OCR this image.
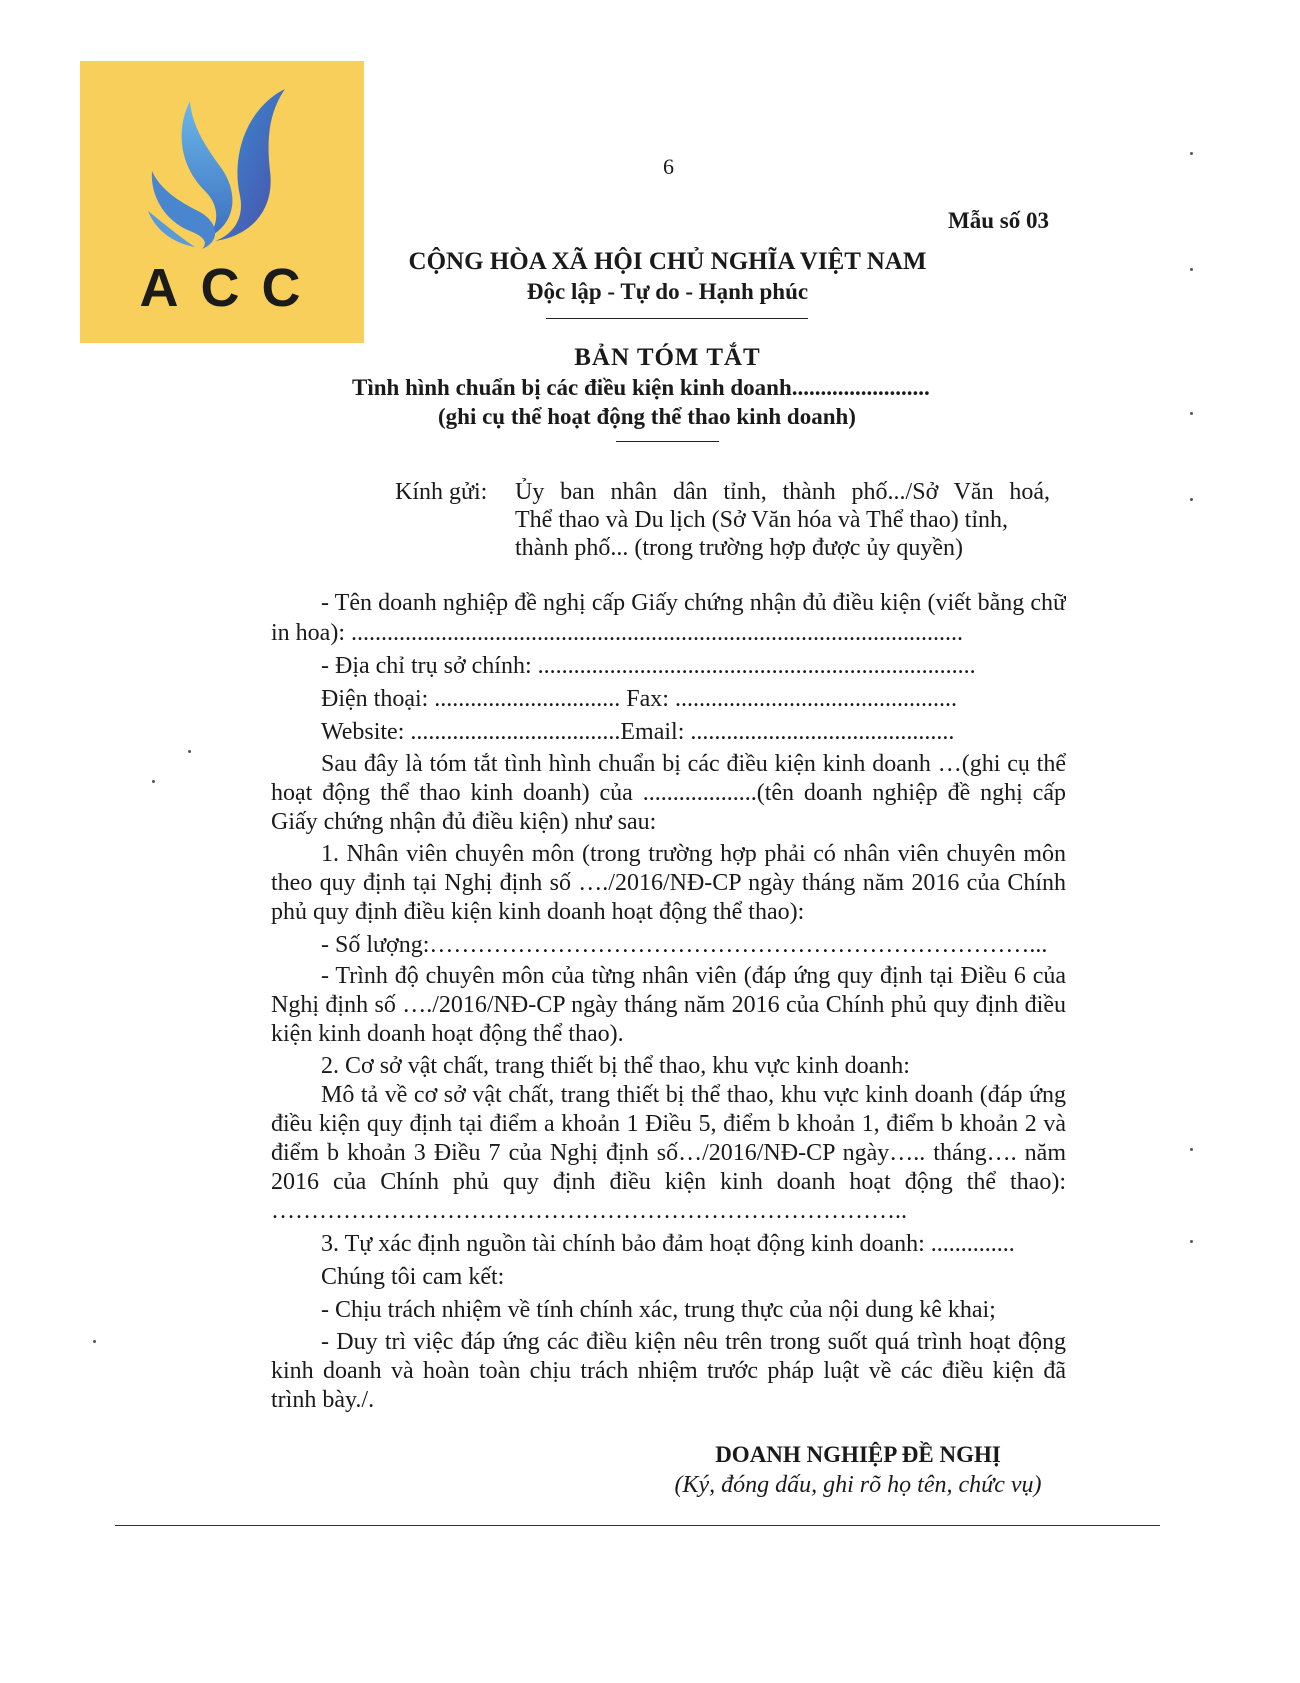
ACC
6
Mẫu số 03
CỘNG HÒA XÃ HỘI CHỦ NGHĨA VIỆT NAM
Độc lập - Tự do - Hạnh phúc
BẢN TÓM TẮT
Tình hình chuẩn bị các điều kiện kinh doanh........................
(ghi cụ thể hoạt động thể thao kinh doanh)
Kính gửi: Ủy ban nhân dân tỉnh, thành phố.../Sở Văn hoá,
Thể thao và Du lịch (Sở Văn hóa và Thể thao) tỉnh,
thành phố... (trong trường hợp được ủy quyền)
- Tên doanh nghiệp đề nghị cấp Giấy chứng nhận đủ điều kiện (viết bằng chữ in hoa): ......................................................................................................
- Địa chỉ trụ sở chính: .........................................................................
Điện thoại: ............................... Fax: ...............................................
Website: ...................................Email: ............................................
Sau đây là tóm tắt tình hình chuẩn bị các điều kiện kinh doanh …(ghi cụ thể hoạt động thể thao kinh doanh) của ...................(tên doanh nghiệp đề nghị cấp Giấy chứng nhận đủ điều kiện) như sau:
1. Nhân viên chuyên môn (trong trường hợp phải có nhân viên chuyên môn theo quy định tại Nghị định số …./2016/NĐ-CP ngày tháng năm 2016 của Chính phủ quy định điều kiện kinh doanh hoạt động thể thao):
- Số lượng:…………………………………………………………………...
- Trình độ chuyên môn của từng nhân viên (đáp ứng quy định tại Điều 6 của Nghị định số …./2016/NĐ-CP ngày tháng năm 2016 của Chính phủ quy định điều kiện kinh doanh hoạt động thể thao).
2. Cơ sở vật chất, trang thiết bị thể thao, khu vực kinh doanh:
Mô tả về cơ sở vật chất, trang thiết bị thể thao, khu vực kinh doanh (đáp ứng điều kiện quy định tại điểm a khoản 1 Điều 5, điểm b khoản 1, điểm b khoản 2 và điểm b khoản 3 Điều 7 của Nghị định số…/2016/NĐ-CP ngày….. tháng…. năm 2016 của Chính phủ quy định điều kiện kinh doanh hoạt động thể thao): ……………………………………………………………………..
3. Tự xác định nguồn tài chính bảo đảm hoạt động kinh doanh: ..............
Chúng tôi cam kết:
- Chịu trách nhiệm về tính chính xác, trung thực của nội dung kê khai;
- Duy trì việc đáp ứng các điều kiện nêu trên trong suốt quá trình hoạt động kinh doanh và hoàn toàn chịu trách nhiệm trước pháp luật về các điều kiện đã trình bày./.
DOANH NGHIỆP ĐỀ NGHỊ
(Ký, đóng dấu, ghi rõ họ tên, chức vụ)
